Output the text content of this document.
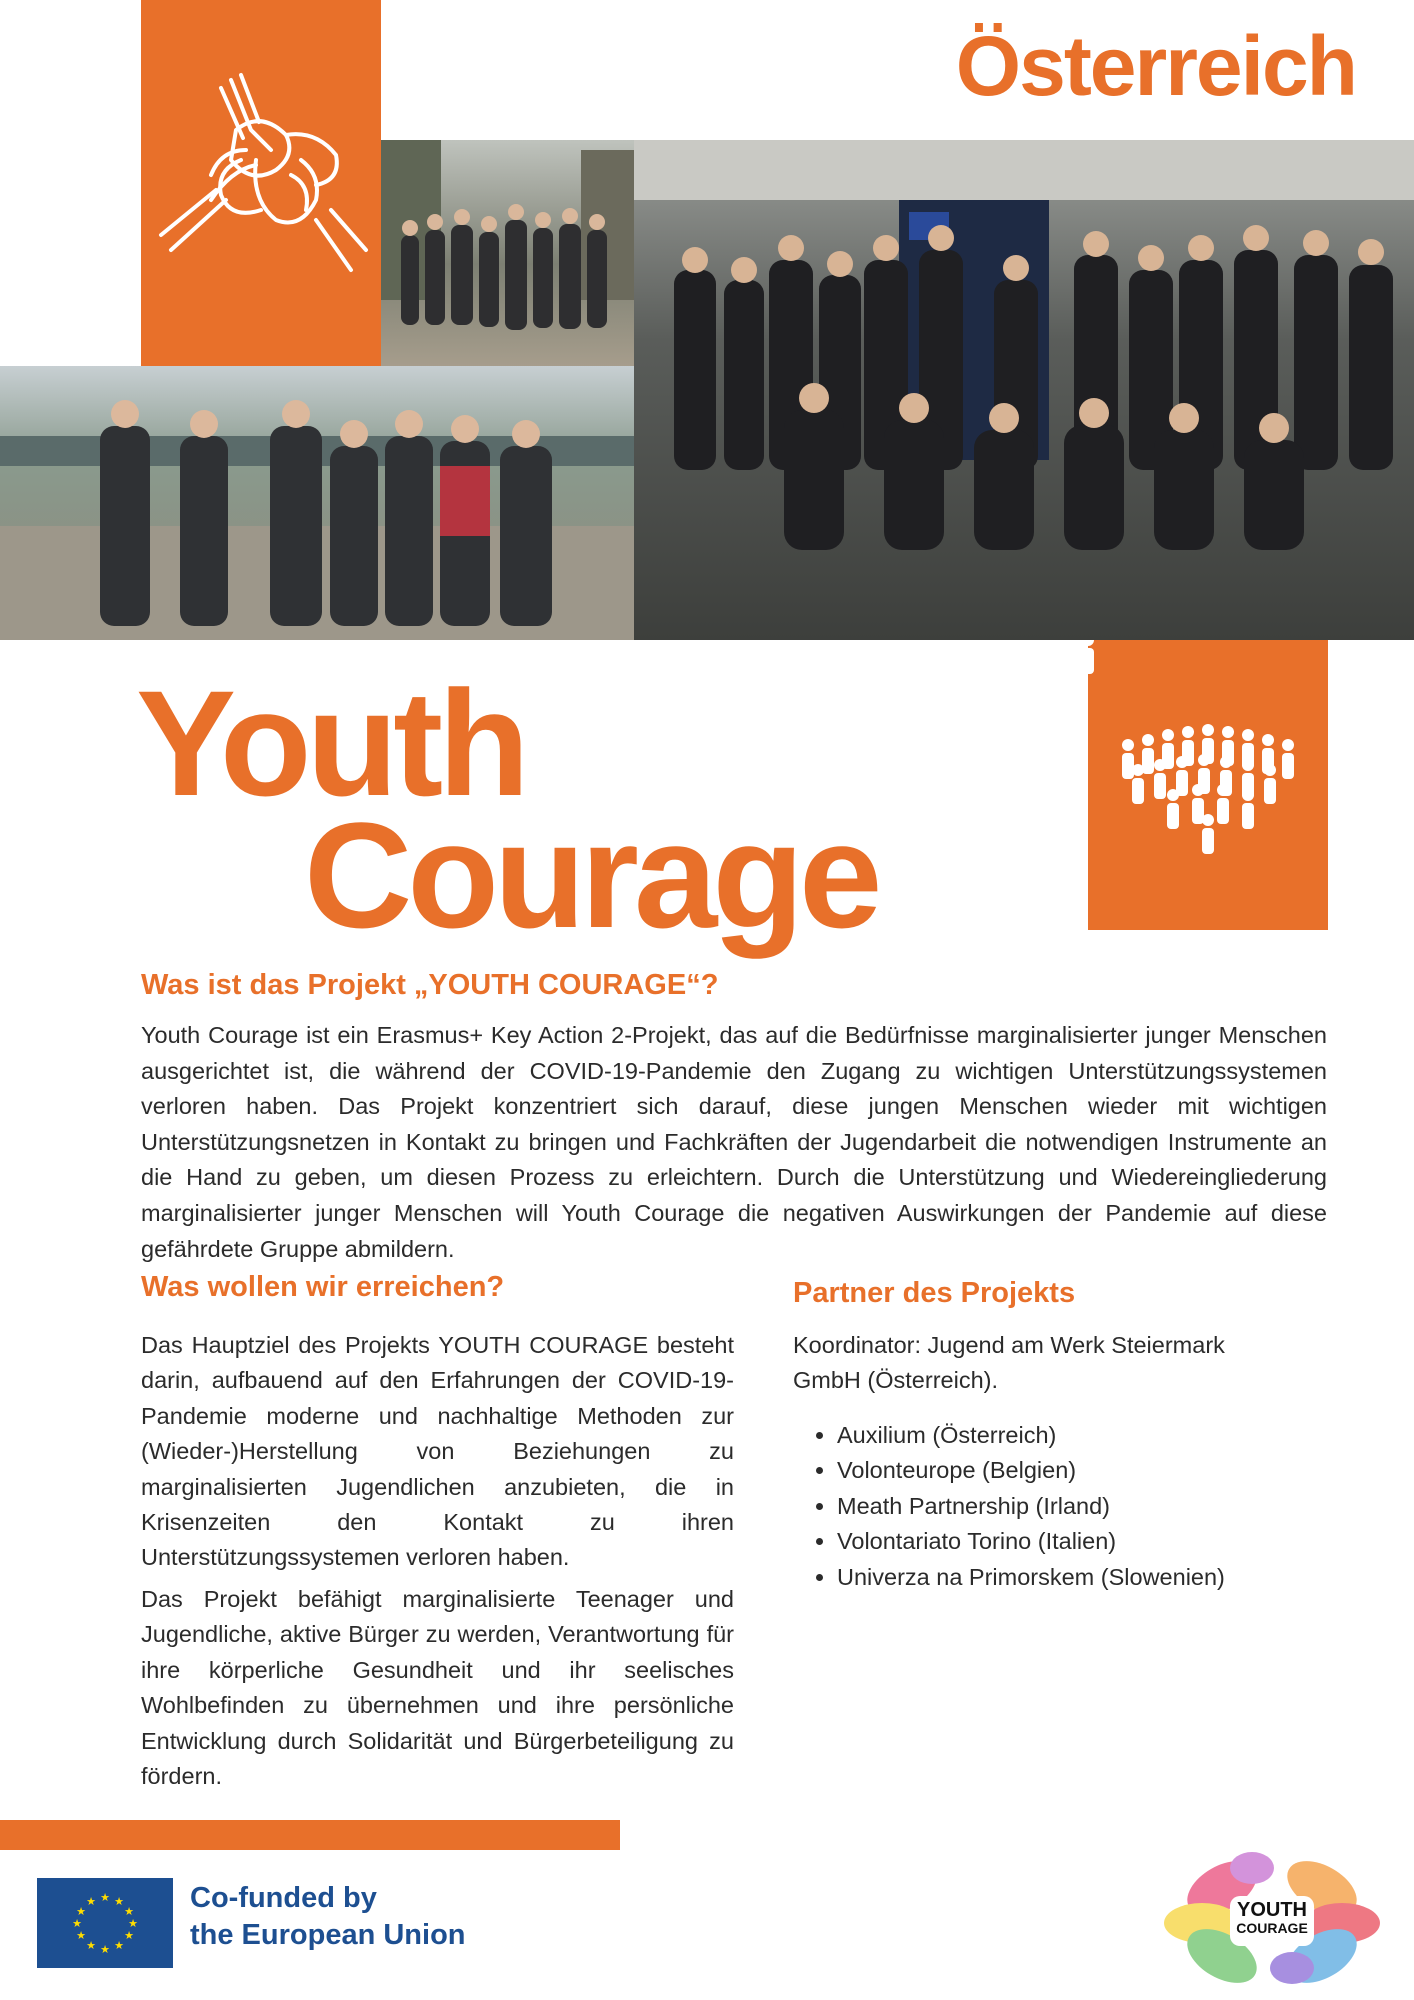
Österreich
Youth
Courage
Was ist das Projekt „YOUTH COURAGE“?

Youth Courage ist ein Erasmus+ Key Action 2-Projekt, das auf die Bedürfnisse marginalisierter junger Menschen ausgerichtet ist, die während der COVID-19-Pandemie den Zugang zu wichtigen Unterstützungssystemen verloren haben. Das Projekt konzentriert sich darauf, diese jungen Menschen wieder mit wichtigen Unterstützungsnetzen in Kontakt zu bringen und Fachkräften der Jugendarbeit die notwendigen Instrumente an die Hand zu geben, um diesen Prozess zu erleichtern. Durch die Unterstützung und Wiedereingliederung marginalisierter junger Menschen will Youth Courage die negativen Auswirkungen der Pandemie auf diese gefährdete Gruppe abmildern.

Was wollen wir erreichen?

Das Hauptziel des Projekts YOUTH COURAGE besteht darin, aufbauend auf den Erfahrungen der COVID-19-Pandemie moderne und nachhaltige Methoden zur (Wieder-)Herstellung von Beziehungen zu marginalisierten Jugendlichen anzubieten, die in Krisenzeiten den Kontakt zu ihren Unterstützungssystemen verloren haben.

Das Projekt befähigt marginalisierte Teenager und Jugendliche, aktive Bürger zu werden, Verantwortung für ihre körperliche Gesundheit und ihr seelisches Wohlbefinden zu übernehmen und ihre persönliche Entwicklung durch Solidarität und Bürgerbeteiligung zu fördern.

Partner des Projekts

Koordinator: Jugend am Werk Steiermark GmbH (Österreich).

• Auxilium (Österreich)
• Volonteurope (Belgien)
• Meath Partnership (Irland)
• Volontariato Torino (Italien)
• Univerza na Primorskem (Slowenien)
★ ★
★
★
★
★
★
★
★
★
★
★	Co-funded by
the European Union
YOUTH
COURAGE
